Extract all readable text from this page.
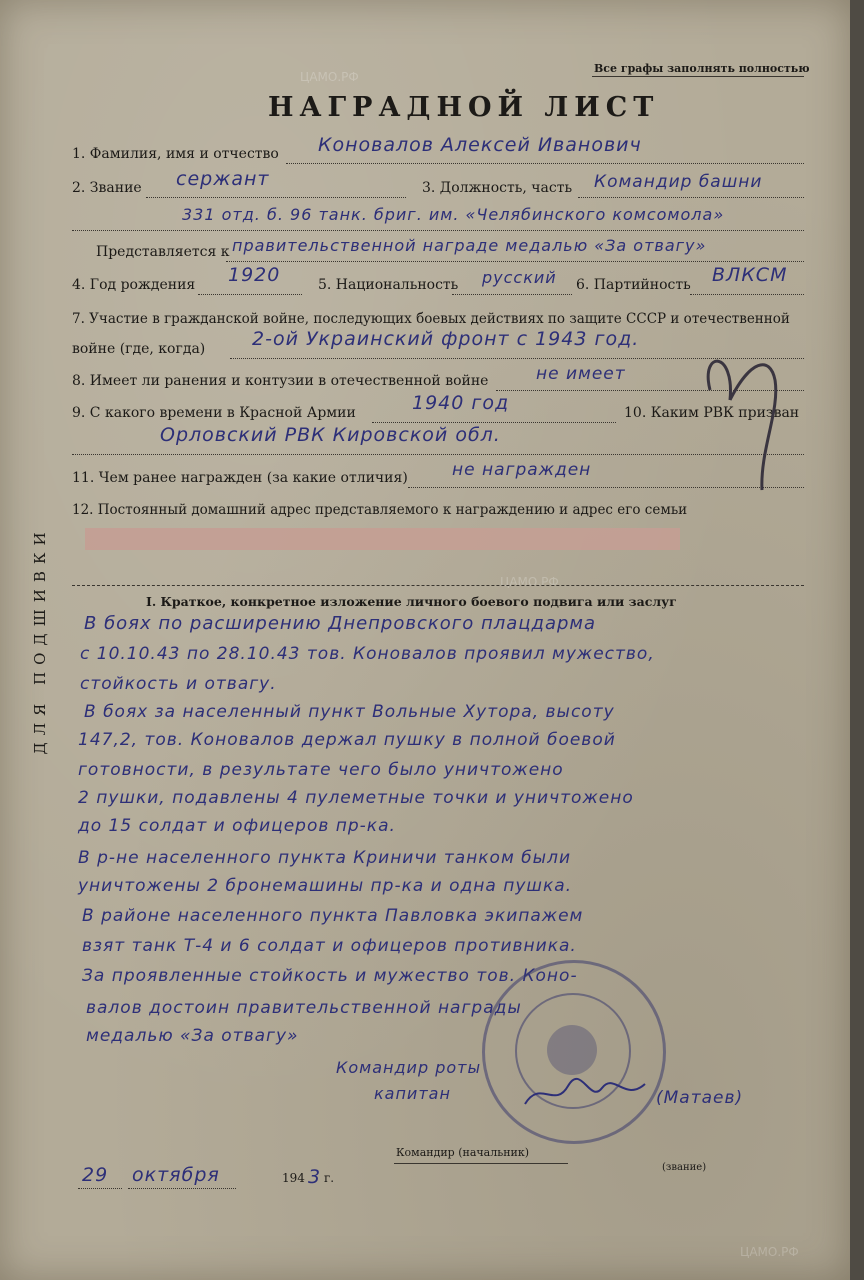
ЦАМО.РФ
ЦАМО.РФ
ЦАМО.РФ
Все графы заполнять полностью
НАГРАДНОЙ ЛИСТ
ДЛЯ ПОДШИВКИ
1. Фамилия, имя и отчество Коновалов Алексей Иванович
2. Звание сержант	3. Должность, часть Командир башни
331 отд. б. 96 танк. бриг. им. «Челябинского комсомола»
Представляется к правительственной награде медалью «За отвагу»
4. Год рождения 1920	5. Национальность русский 6. Партийность ВЛКСМ
7. Участие в гражданской войне, последующих боевых действиях по защите СССР и отечественной
войне (где, когда) 2-ой Украинский фронт с 1943 год.
8. Имеет ли ранения и контузии в отечественной войне	не имеет
9. С какого времени в Красной Армии	1940 год	10. Каким РВК призван
Орловский РВК Кировской обл.
11. Чем ранее награжден (за какие отличия)	не награжден
12. Постоянный домашний адрес представляемого к награждению и адрес его семьи
I. Краткое, конкретное изложение личного боевого подвига или заслуг
В боях по расширению Днепровского плацдарма
с 10.10.43 по 28.10.43 тов. Коновалов проявил мужество,
стойкость и отвагу.
В боях за населенный пункт Вольные Хутора, высоту
147,2, тов. Коновалов держал пушку в полной боевой
готовности, в результате чего было уничтожено
2 пушки, подавлены 4 пулеметные точки и уничтожено
до 15 солдат и офицеров пр-ка.
В р-не населенного пункта Криничи танком были
уничтожены 2 бронемашины пр-ка и одна пушка.
В районе населенного пункта Павловка экипажем
взят танк Т-4 и 6 солдат и офицеров противника.
За проявленные стойкость и мужество тов. Коно-
валов достоин правительственной награды
медалью «За отвагу»
Командир роты
капитан	(Матаев)
Командир (начальник)
(звание)
29 октября	194 3 г.
